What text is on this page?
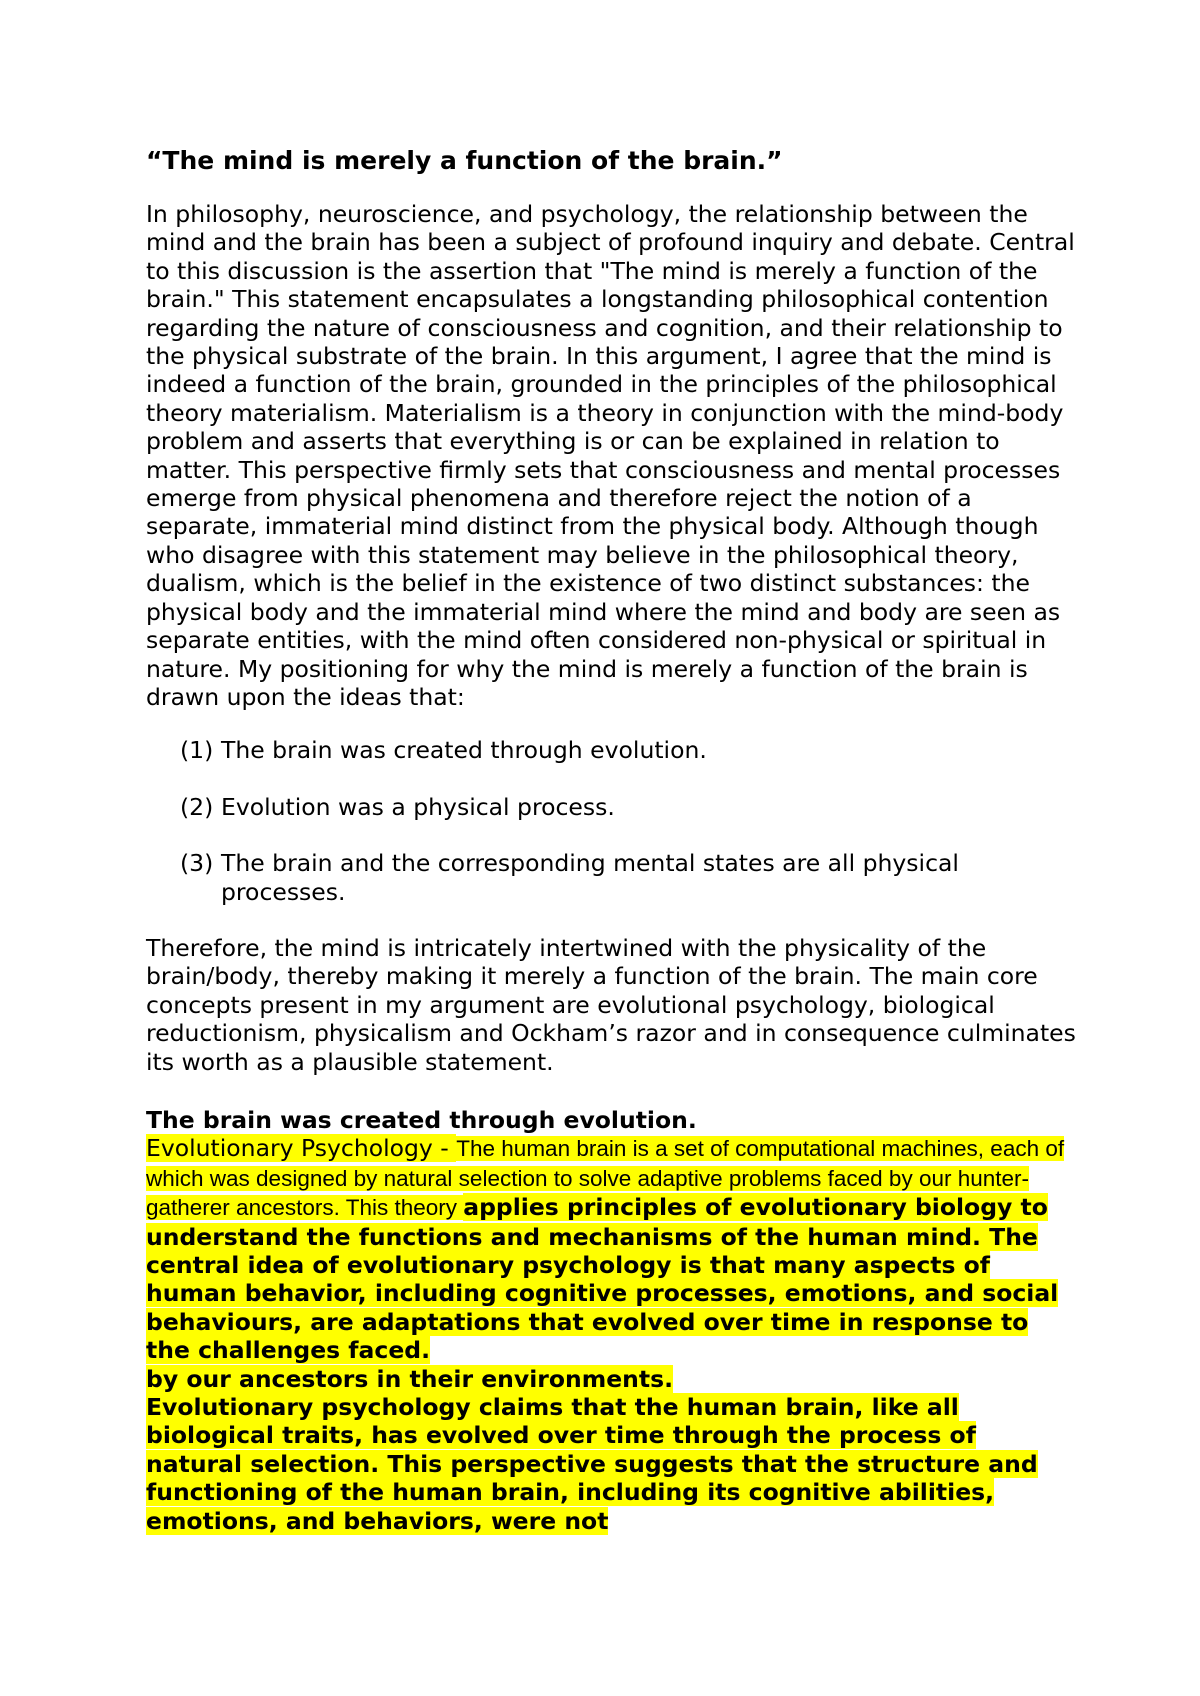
“The mind is merely a function of the brain.”

In philosophy, neuroscience, and psychology, the relationship between the mind and the brain has been a subject of profound inquiry and debate. Central to this discussion is the assertion that "The mind is merely a function of the brain." This statement encapsulates a longstanding philosophical contention regarding the nature of consciousness and cognition, and their relationship to the physical substrate of the brain. In this argument, I agree that the mind is indeed a function of the brain, grounded in the principles of the philosophical theory materialism. Materialism is a theory in conjunction with the mind-body problem and asserts that everything is or can be explained in relation to matter. This perspective firmly sets that consciousness and mental processes emerge from physical phenomena and therefore reject the notion of a separate, immaterial mind distinct from the physical body. Although though who disagree with this statement may believe in the philosophical theory, dualism, which is the belief in the existence of two distinct substances: the physical body and the immaterial mind where the mind and body are seen as separate entities, with the mind often considered non-physical or spiritual in nature. My positioning for why the mind is merely a function of the brain is drawn upon the ideas that:

(1) The brain was created through evolution.
(2) Evolution was a physical process.
(3) The brain and the corresponding mental states are all physical processes.

Therefore, the mind is intricately intertwined with the physicality of the brain/body, thereby making it merely a function of the brain. The main core concepts present in my argument are evolutional psychology, biological reductionism, physicalism and Ockham’s razor and in consequence culminates its worth as a plausible statement.

The brain was created through evolution.

Evolutionary Psychology - The human brain is a set of computational machines, each of which was designed by natural selection to solve adaptive problems faced by our hunter-gatherer ancestors. This theory applies principles of evolutionary biology to understand the functions and mechanisms of the human mind. The central idea of evolutionary psychology is that many aspects of human behavior, including cognitive processes, emotions, and social behaviours, are adaptations that evolved over time in response to the challenges faced.

by our ancestors in their environments.

Evolutionary psychology claims that the human brain, like all biological traits, has evolved over time through the process of natural selection. This perspective suggests that the structure and functioning of the human brain, including its cognitive abilities, emotions, and behaviors, were not
